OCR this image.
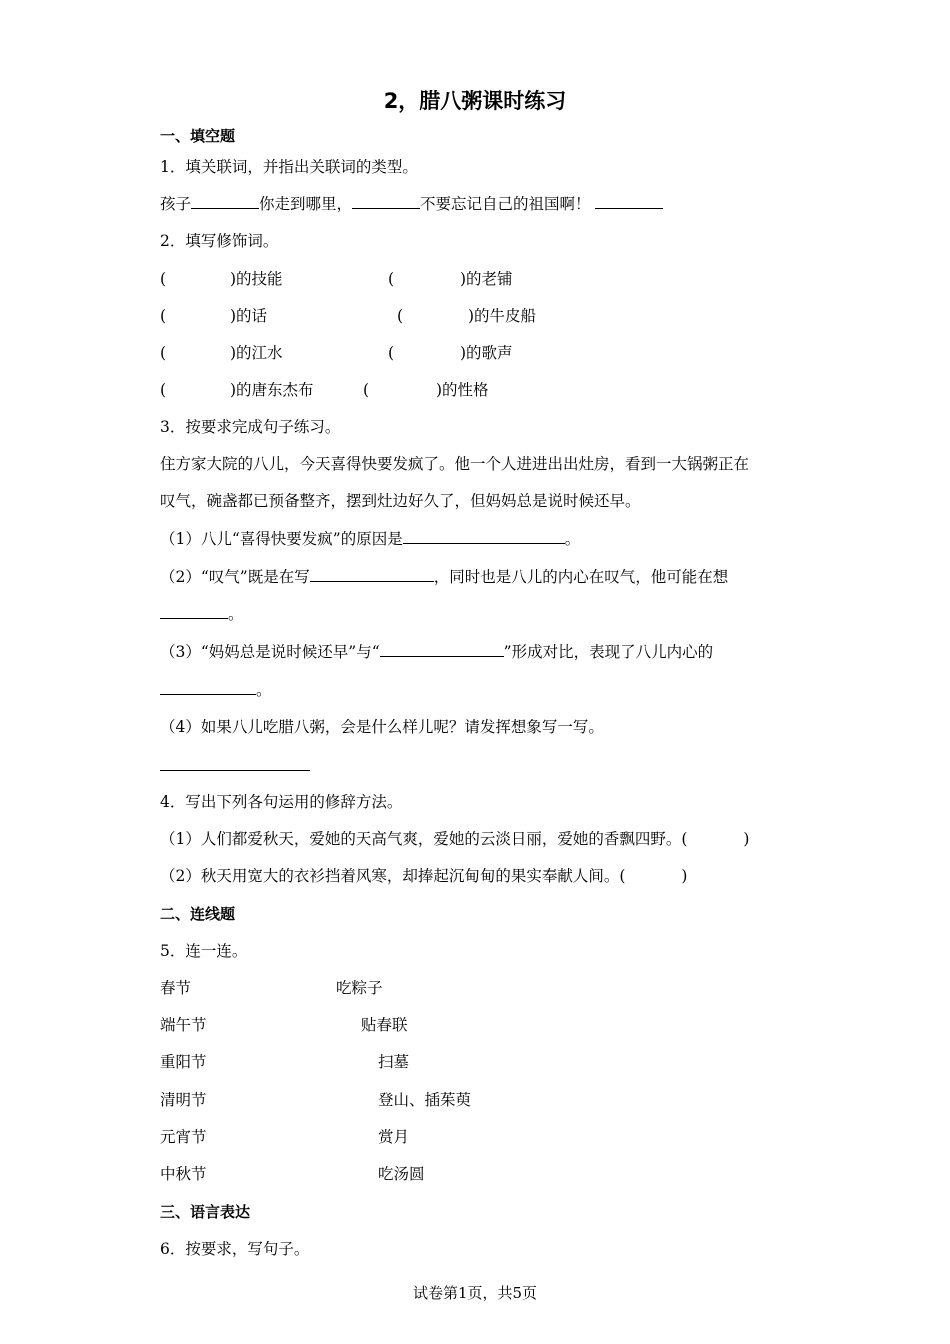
2，腊八粥课时练习
一、填空题
1．填关联词，并指出关联词的类型。
孩子	你走到哪里，	不要忘记自己的祖国啊！
2．填写修饰词。
(	)的技能	(	)的老铺
(	)的话	(	)的牛皮船
(	)的江水	(	)的歌声
(	)的唐东杰布	(	)的性格
3．按要求完成句子练习。
住方家大院的八儿，今天喜得快要发疯了。他一个人进进出出灶房，看到一大锅粥正在
叹气，碗盏都已预备整齐，摆到灶边好久了，但妈妈总是说时候还早。
（1）八儿“喜得快要发疯”的原因是	。
（2）“叹气”既是在写	，同时也是八儿的内心在叹气，他可能在想
。
（3）“妈妈总是说时候还早”与“	”形成对比，表现了八儿内心的
。
（4）如果八儿吃腊八粥，会是什么样儿呢？请发挥想象写一写。
4．写出下列各句运用的修辞方法。
（1）人们都爱秋天，爱她的天高气爽，爱她的云淡日丽，爱她的香飘四野。(	)
（2）秋天用宽大的衣衫挡着风寒，却捧起沉甸甸的果实奉献人间。(	)
二、连线题
5．连一连。
春节	吃粽子
端午节	贴春联
重阳节	扫墓
清明节	登山、插茱萸
元宵节	赏月
中秋节	吃汤圆
三、语言表达
6．按要求，写句子。
试卷第1页，共5页
